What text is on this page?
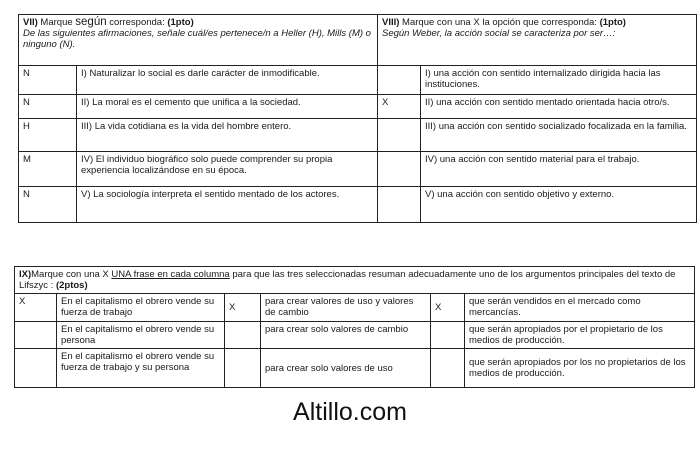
VII) Marque según corresponda: (1pto)
De las siguientes afirmaciones, señale cuál/es pertenece/n a Heller (H), Mills (M) o ninguno (N).		VIII) Marque con una X la opción que corresponda: (1pto)
Según Weber, la acción social se caracteriza por ser…:	
N	I) Naturalizar lo social es darle carácter de inmodificable.		I) una acción con sentido internalizado dirigida hacia las instituciones.
N	II) La moral es el cemento que unifica a la sociedad.	X	II) una acción con sentido mentado orientada hacia otro/s.
H	III) La vida cotidiana es la vida del hombre entero.		III) una acción con sentido socializado focalizada en la familia.
M	IV) El individuo biográfico solo puede comprender su propia experiencia localizándose en su época.		IV) una acción con sentido material para el trabajo.
N	V) La sociología interpreta el sentido mentado de los actores.		V) una acción con sentido objetivo y externo.
IX)Marque con una X UNA frase en cada columna para que las tres seleccionadas resuman adecuadamente uno de los argumentos principales del texto de Lifszyc : (2ptos)					
X	En el capitalismo el obrero vende su fuerza de trabajo	X	para crear valores de uso y valores de cambio	X	que serán vendidos en el mercado como mercancías.
	En el capitalismo el obrero vende su persona		para crear solo valores de cambio		que serán apropiados por el propietario de los medios de producción.
	En el capitalismo el obrero vende su fuerza de trabajo y su persona		para crear solo valores de uso		que serán apropiados por los no propietarios de los medios de producción.
Altillo.com
